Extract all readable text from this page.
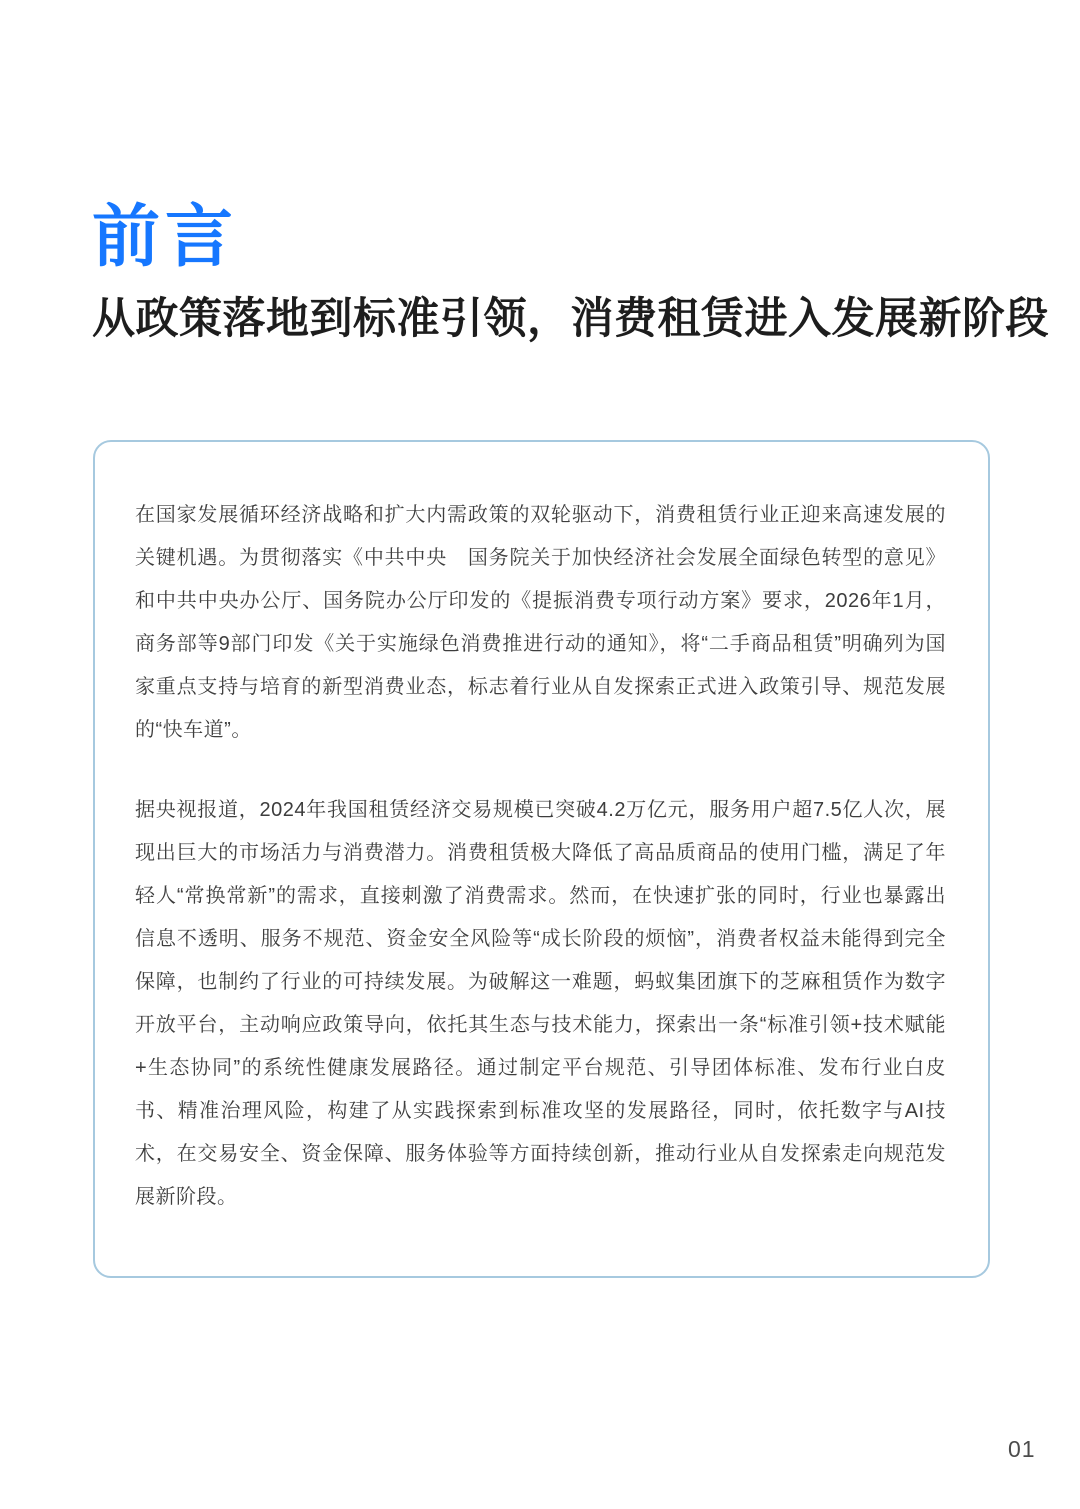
前言
从政策落地到标准引领，消费租赁进入发展新阶段

在国家发展循环经济战略和扩大内需政策的双轮驱动下，消费租赁行业正迎来高速发展的关键机遇。为贯彻落实《中共中央　国务院关于加快经济社会发展全面绿色转型的意见》和中共中央办公厅、国务院办公厅印发的《提振消费专项行动方案》要求，2026年1月，商务部等9部门印发《关于实施绿色消费推进行动的通知》，将“二手商品租赁”明确列为国家重点支持与培育的新型消费业态，标志着行业从自发探索正式进入政策引导、规范发展的“快车道”。

据央视报道，2024年我国租赁经济交易规模已突破4.2万亿元，服务用户超7.5亿人次，展现出巨大的市场活力与消费潜力。消费租赁极大降低了高品质商品的使用门槛，满足了年轻人“常换常新”的需求，直接刺激了消费需求。然而，在快速扩张的同时，行业也暴露出信息不透明、服务不规范、资金安全风险等“成长阶段的烦恼”，消费者权益未能得到完全保障，也制约了行业的可持续发展。为破解这一难题，蚂蚁集团旗下的芝麻租赁作为数字开放平台，主动响应政策导向，依托其生态与技术能力，探索出一条“标准引领+技术赋能+生态协同”的系统性健康发展路径。通过制定平台规范、引导团体标准、发布行业白皮书、精准治理风险，构建了从实践探索到标准攻坚的发展路径，同时，依托数字与AI技术，在交易安全、资金保障、服务体验等方面持续创新，推动行业从自发探索走向规范发展新阶段。

01
